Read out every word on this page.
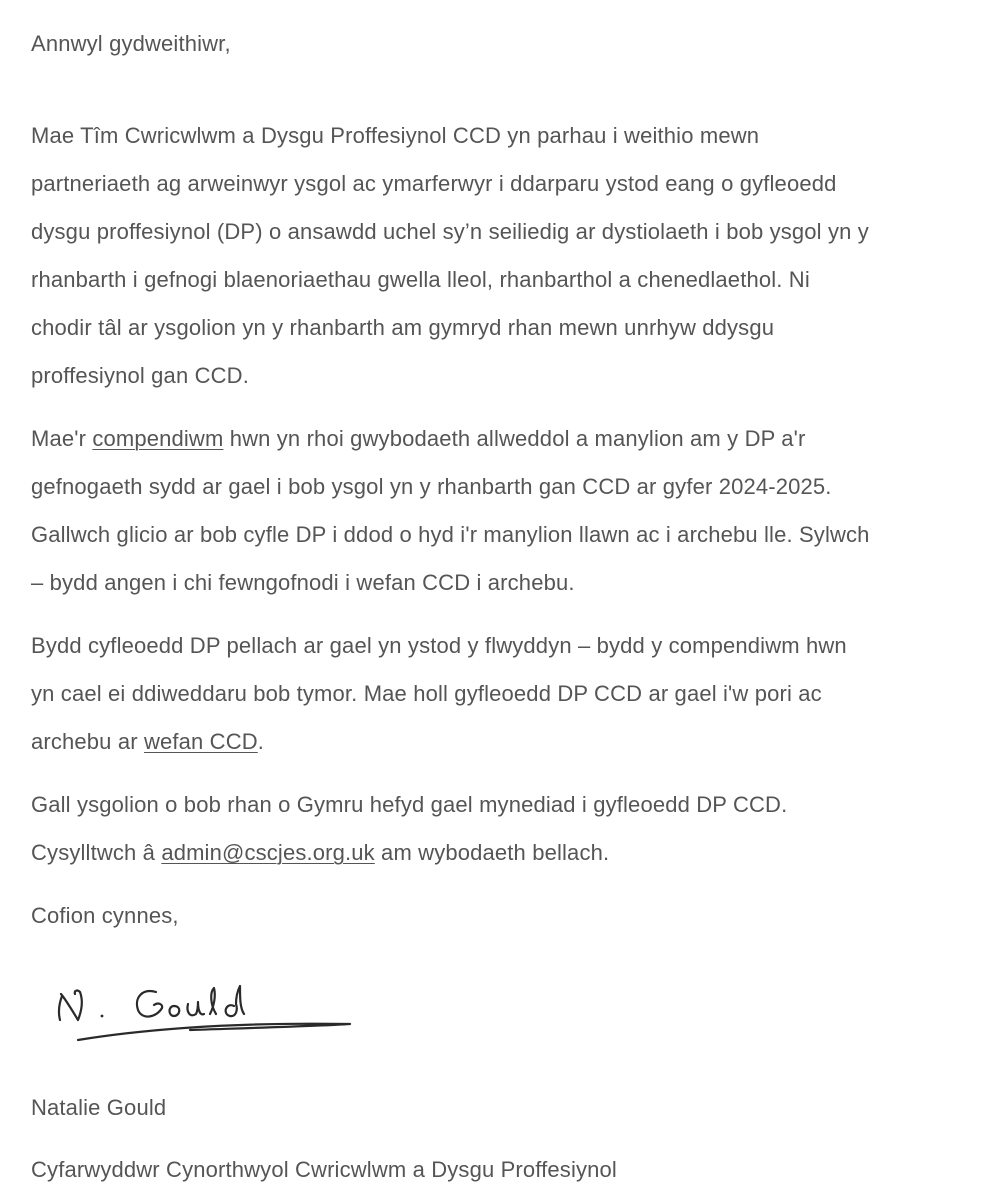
Annwyl gydweithiwr,
Mae Tîm Cwricwlwm a Dysgu Proffesiynol CCD yn parhau i weithio mewn
partneriaeth ag arweinwyr ysgol ac ymarferwyr i ddarparu ystod eang o gyfleoedd
dysgu proffesiynol (DP) o ansawdd uchel sy’n seiliedig ar dystiolaeth i bob ysgol yn y
rhanbarth i gefnogi blaenoriaethau gwella lleol, rhanbarthol a chenedlaethol. Ni
chodir tâl ar ysgolion yn y rhanbarth am gymryd rhan mewn unrhyw ddysgu
proffesiynol gan CCD.
Mae'r compendiwm hwn yn rhoi gwybodaeth allweddol a manylion am y DP a'r
gefnogaeth sydd ar gael i bob ysgol yn y rhanbarth gan CCD ar gyfer 2024-2025.
Gallwch glicio ar bob cyfle DP i ddod o hyd i'r manylion llawn ac i archebu lle. Sylwch
– bydd angen i chi fewngofnodi i wefan CCD i archebu.
Bydd cyfleoedd DP pellach ar gael yn ystod y flwyddyn – bydd y compendiwm hwn
yn cael ei ddiweddaru bob tymor. Mae holl gyfleoedd DP CCD ar gael i'w pori ac
archebu ar wefan CCD.
Gall ysgolion o bob rhan o Gymru hefyd gael mynediad i gyfleoedd DP CCD.
Cysylltwch â admin@cscjes.org.uk am wybodaeth bellach.
Cofion cynnes,
Natalie Gould
Cyfarwyddwr Cynorthwyol Cwricwlwm a Dysgu Proffesiynol
